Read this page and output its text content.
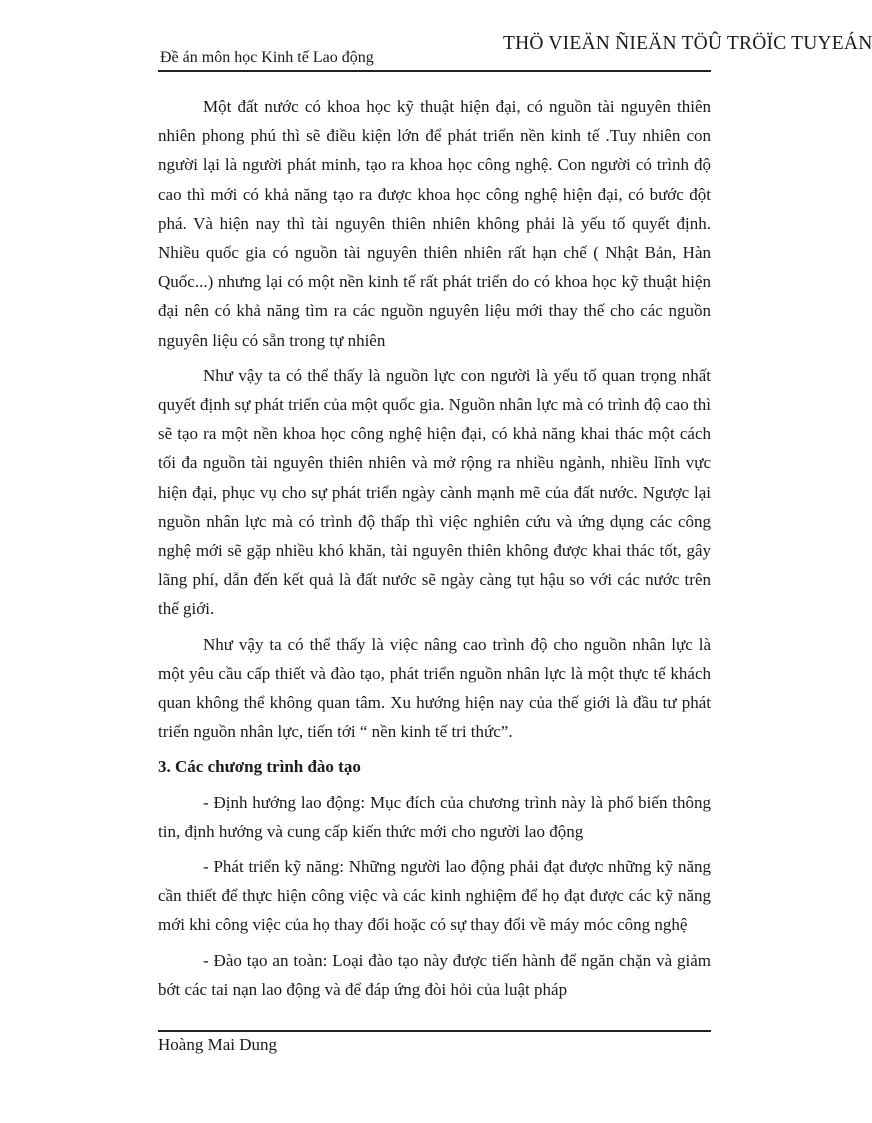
Đề án môn học Kinh tế Lao động
THÖ VIEÄN ÑIEÄN TÖÛ TRÖÏC TUYEÁN

Một đất nước có khoa học kỹ thuật hiện đại, có nguồn tài nguyên thiên nhiên phong phú thì sẽ điều kiện lớn để phát triển nền kinh tế .Tuy nhiên con người lại là người phát minh, tạo ra khoa học công nghệ. Con người có trình độ cao thì mới có khả năng tạo ra được khoa học công nghệ hiện đại, có bước đột phá. Và hiện nay thì tài nguyên thiên nhiên không phải là yếu tố quyết định. Nhiều quốc gia có nguồn tài nguyên thiên nhiên rất hạn chế ( Nhật Bản, Hàn Quốc...) nhưng lại có một nền kinh tế rất phát triển do có khoa học kỹ thuật hiện đại nên có khả năng tìm ra các nguồn nguyên liệu mới thay thế cho các nguồn nguyên liệu có sẵn trong tự nhiên

Như vậy ta có thể thấy là nguồn lực con người là yếu tố quan trọng nhất quyết định sự phát triển của một quốc gia. Nguồn nhân lực mà có trình độ cao thì sẽ tạo ra một nền khoa học công nghệ hiện đại, có khả năng khai thác một cách tối đa nguồn tài nguyên thiên nhiên và mở rộng ra nhiều ngành, nhiều lĩnh vực hiện đại, phục vụ cho sự phát triển ngày cành mạnh mẽ của đất nước. Ngược lại nguồn nhân lực mà có trình độ thấp thì việc nghiên cứu và ứng dụng các công nghệ mới sẽ gặp nhiều khó khăn, tài nguyên thiên không được khai thác tốt, gây lãng phí, dẫn đến kết quả là đất nước sẽ ngày càng tụt hậu so với các nước trên thế giới.

Như vậy ta có thể thấy là việc nâng cao trình độ cho nguồn nhân lực là một yêu cầu cấp thiết và đào tạo, phát triển nguồn nhân lực là một thực tế khách quan không thể không quan tâm. Xu hướng hiện nay của thế giới là đầu tư phát triển nguồn nhân lực, tiến tới “ nền kinh tế tri thức”.

3. Các chương trình đào tạo

- Định hướng lao động: Mục đích của chương trình này là phổ biến thông tin, định hướng và cung cấp kiến thức mới cho người lao động

- Phát triển kỹ năng: Những người lao động phải đạt được những kỹ năng cần thiết để thực hiện công việc và các kinh nghiệm để họ đạt được các kỹ năng mới khi công việc của họ thay đổi hoặc có sự thay đổi về máy móc công nghệ

- Đào tạo an toàn: Loại đào tạo này được tiến hành để ngăn chặn và giảm bớt các tai nạn lao động và để đáp ứng đòi hỏi của luật pháp

Hoàng Mai Dung
